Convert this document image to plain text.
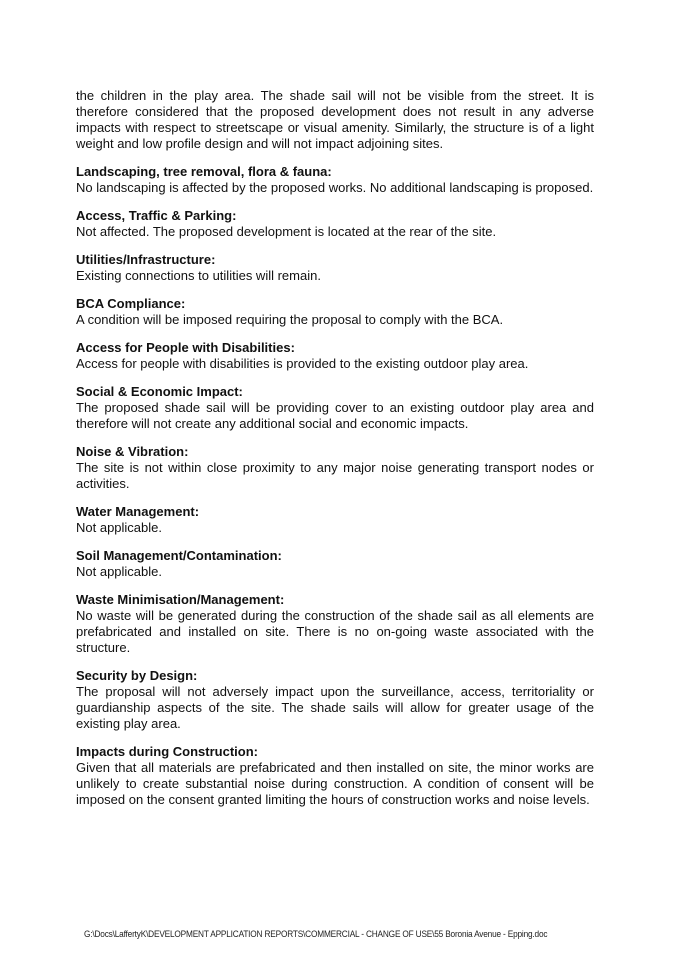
the children in the play area. The shade sail will not be visible from the street. It is therefore considered that the proposed development does not result in any adverse impacts with respect to streetscape or visual amenity. Similarly, the structure is of a light weight and low profile design and will not impact adjoining sites.

Landscaping, tree removal, flora & fauna:

No landscaping is affected by the proposed works. No additional landscaping is proposed.

Access, Traffic & Parking:

Not affected. The proposed development is located at the rear of the site.

Utilities/Infrastructure:

Existing connections to utilities will remain.

BCA Compliance:

A condition will be imposed requiring the proposal to comply with the BCA.

Access for People with Disabilities:

Access for people with disabilities is provided to the existing outdoor play area.

Social & Economic Impact:

The proposed shade sail will be providing cover to an existing outdoor play area and therefore will not create any additional social and economic impacts.

Noise & Vibration:

The site is not within close proximity to any major noise generating transport nodes or activities.

Water Management:

Not applicable.

Soil Management/Contamination:

Not applicable.

Waste Minimisation/Management:

No waste will be generated during the construction of the shade sail as all elements are prefabricated and installed on site. There is no on-going waste associated with the structure.

Security by Design:

The proposal will not adversely impact upon the surveillance, access, territoriality or guardianship aspects of the site. The shade sails will allow for greater usage of the existing play area.

Impacts during Construction:

Given that all materials are prefabricated and then installed on site, the minor works are unlikely to create substantial noise during construction. A condition of consent will be imposed on the consent granted limiting the hours of construction works and noise levels.

G:\Docs\LaffertyK\DEVELOPMENT APPLICATION REPORTS\COMMERCIAL - CHANGE OF USE\55 Boronia Avenue - Epping.doc
